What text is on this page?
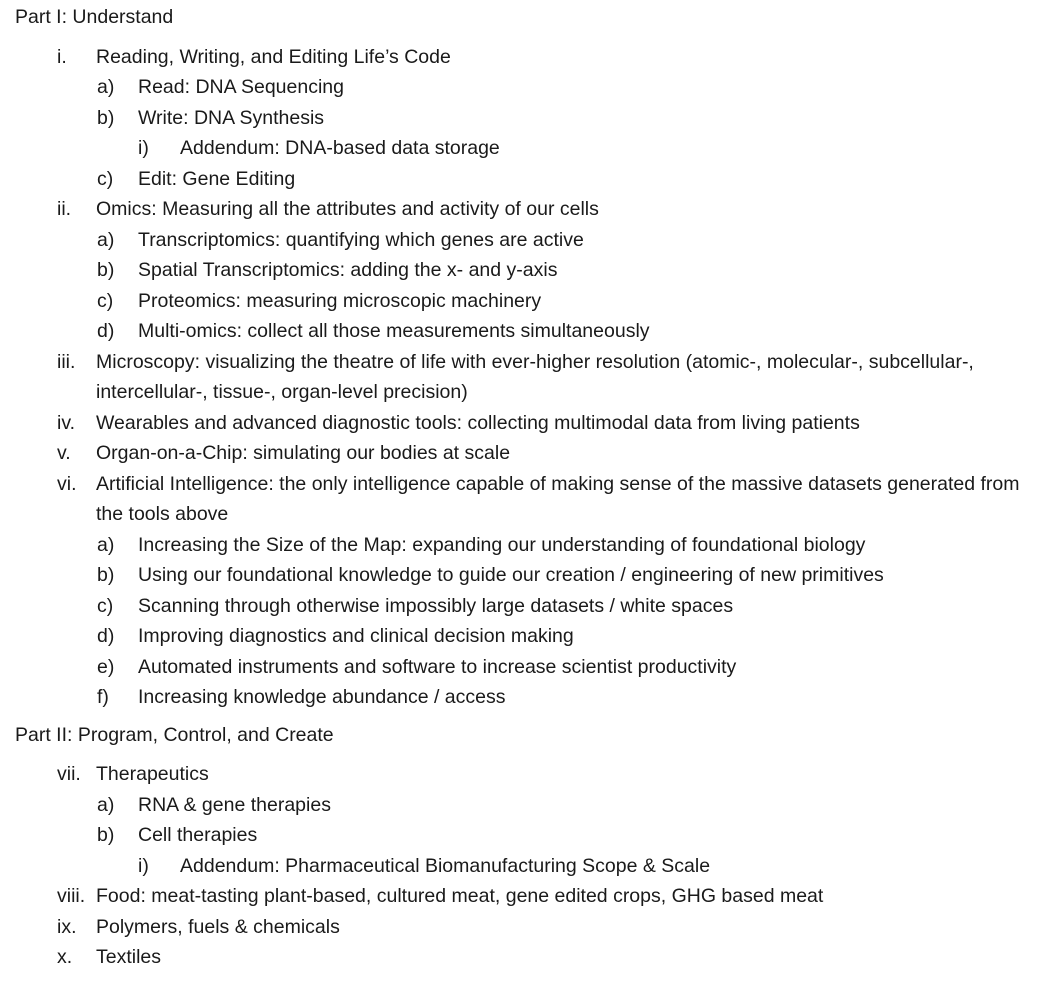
Part I: Understand
i. Reading, Writing, and Editing Life’s Code
a) Read: DNA Sequencing
b) Write: DNA Synthesis
i) Addendum: DNA-based data storage
c) Edit: Gene Editing
ii. Omics: Measuring all the attributes and activity of our cells
a) Transcriptomics: quantifying which genes are active
b) Spatial Transcriptomics: adding the x- and y-axis
c) Proteomics: measuring microscopic machinery
d) Multi-omics: collect all those measurements simultaneously
iii. Microscopy: visualizing the theatre of life with ever-higher resolution (atomic-, molecular-, subcellular-, intercellular-, tissue-, organ-level precision)
iv. Wearables and advanced diagnostic tools: collecting multimodal data from living patients
v. Organ-on-a-Chip: simulating our bodies at scale
vi. Artificial Intelligence: the only intelligence capable of making sense of the massive datasets generated from the tools above
a) Increasing the Size of the Map: expanding our understanding of foundational biology
b) Using our foundational knowledge to guide our creation / engineering of new primitives
c) Scanning through otherwise impossibly large datasets / white spaces
d) Improving diagnostics and clinical decision making
e) Automated instruments and software to increase scientist productivity
f) Increasing knowledge abundance / access
Part II: Program, Control, and Create
vii. Therapeutics
a) RNA & gene therapies
b) Cell therapies
i) Addendum: Pharmaceutical Biomanufacturing Scope & Scale
viii. Food: meat-tasting plant-based, cultured meat, gene edited crops, GHG based meat
ix. Polymers, fuels & chemicals
x. Textiles
